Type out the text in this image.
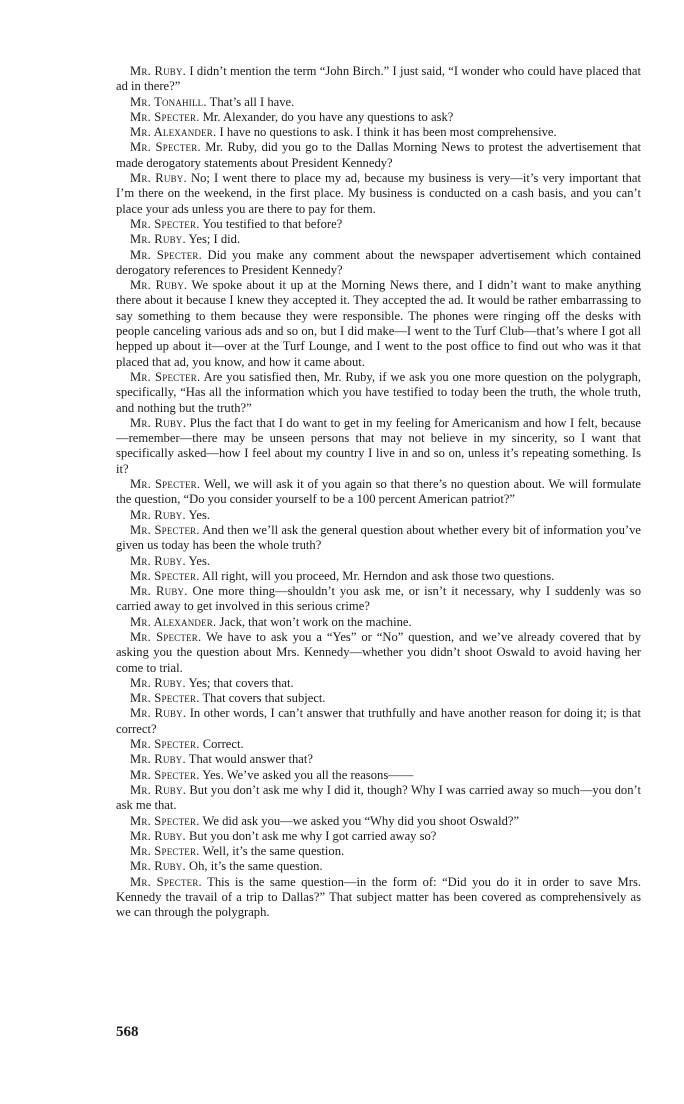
Mr. Ruby. I didn’t mention the term “John Birch.” I just said, “I wonder who could have placed that ad in there?”

Mr. Tonahill. That’s all I have.

Mr. Specter. Mr. Alexander, do you have any questions to ask?

Mr. Alexander. I have no questions to ask. I think it has been most comprehensive.

Mr. Specter. Mr. Ruby, did you go to the Dallas Morning News to protest the advertisement that made derogatory statements about President Kennedy?

Mr. Ruby. No; I went there to place my ad, because my business is very—it’s very important that I’m there on the weekend, in the first place. My business is conducted on a cash basis, and you can’t place your ads unless you are there to pay for them.

Mr. Specter. You testified to that before?

Mr. Ruby. Yes; I did.

Mr. Specter. Did you make any comment about the newspaper advertisement which contained derogatory references to President Kennedy?

Mr. Ruby. We spoke about it up at the Morning News there, and I didn’t want to make anything there about it because I knew they accepted it. They accepted the ad. It would be rather embarrassing to say something to them because they were responsible. The phones were ringing off the desks with people canceling various ads and so on, but I did make—I went to the Turf Club—that’s where I got all hepped up about it—over at the Turf Lounge, and I went to the post office to find out who was it that placed that ad, you know, and how it came about.

Mr. Specter. Are you satisfied then, Mr. Ruby, if we ask you one more question on the polygraph, specifically, “Has all the information which you have testified to today been the truth, the whole truth, and nothing but the truth?”

Mr. Ruby. Plus the fact that I do want to get in my feeling for Americanism and how I felt, because—remember—there may be unseen persons that may not believe in my sincerity, so I want that specifically asked—how I feel about my country I live in and so on, unless it’s repeating something. Is it?

Mr. Specter. Well, we will ask it of you again so that there’s no question about. We will formulate the question, “Do you consider yourself to be a 100 percent American patriot?”

Mr. Ruby. Yes.

Mr. Specter. And then we’ll ask the general question about whether every bit of information you’ve given us today has been the whole truth?

Mr. Ruby. Yes.

Mr. Specter. All right, will you proceed, Mr. Herndon and ask those two questions.

Mr. Ruby. One more thing—shouldn’t you ask me, or isn’t it necessary, why I suddenly was so carried away to get involved in this serious crime?

Mr. Alexander. Jack, that won’t work on the machine.

Mr. Specter. We have to ask you a “Yes” or “No” question, and we’ve already covered that by asking you the question about Mrs. Kennedy—whether you didn’t shoot Oswald to avoid having her come to trial.

Mr. Ruby. Yes; that covers that.

Mr. Specter. That covers that subject.

Mr. Ruby. In other words, I can’t answer that truthfully and have another reason for doing it; is that correct?

Mr. Specter. Correct.

Mr. Ruby. That would answer that?

Mr. Specter. Yes. We’ve asked you all the reasons——

Mr. Ruby. But you don’t ask me why I did it, though? Why I was carried away so much—you don’t ask me that.

Mr. Specter. We did ask you—we asked you “Why did you shoot Oswald?”

Mr. Ruby. But you don’t ask me why I got carried away so?

Mr. Specter. Well, it’s the same question.

Mr. Ruby. Oh, it’s the same question.

Mr. Specter. This is the same question—in the form of: “Did you do it in order to save Mrs. Kennedy the travail of a trip to Dallas?” That subject matter has been covered as comprehensively as we can through the polygraph.

568
